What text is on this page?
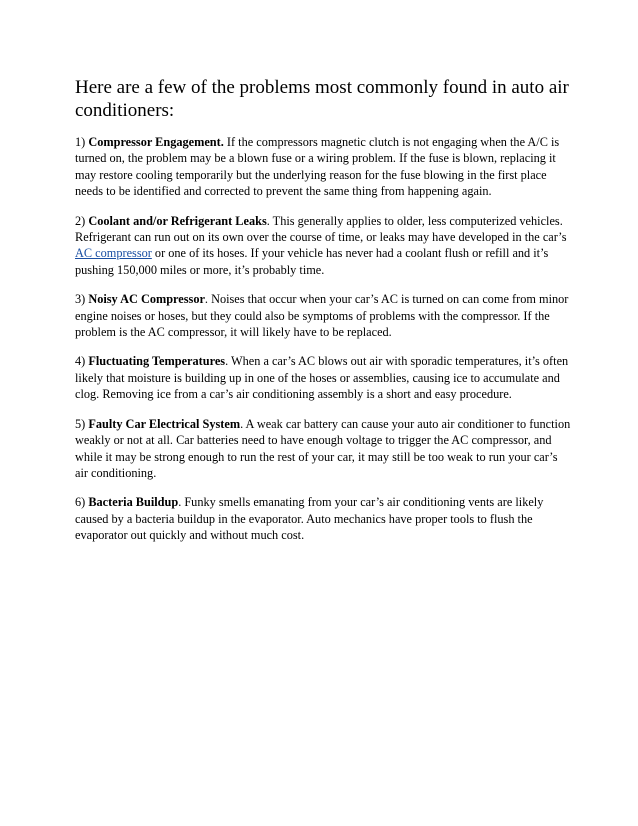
Here are a few of the problems most commonly found in auto air conditioners:

1) Compressor Engagement. If the compressors magnetic clutch is not engaging when the A/C is turned on, the problem may be a blown fuse or a wiring problem. If the fuse is blown, replacing it may restore cooling temporarily but the underlying reason for the fuse blowing in the first place needs to be identified and corrected to prevent the same thing from happening again.

2) Coolant and/or Refrigerant Leaks. This generally applies to older, less computerized vehicles. Refrigerant can run out on its own over the course of time, or leaks may have developed in the car’s AC compressor or one of its hoses. If your vehicle has never had a coolant flush or refill and it’s pushing 150,000 miles or more, it’s probably time.

3) Noisy AC Compressor. Noises that occur when your car’s AC is turned on can come from minor engine noises or hoses, but they could also be symptoms of problems with the compressor. If the problem is the AC compressor, it will likely have to be replaced.

4) Fluctuating Temperatures. When a car’s AC blows out air with sporadic temperatures, it’s often likely that moisture is building up in one of the hoses or assemblies, causing ice to accumulate and clog. Removing ice from a car’s air conditioning assembly is a short and easy procedure.

5) Faulty Car Electrical System. A weak car battery can cause your auto air conditioner to function weakly or not at all. Car batteries need to have enough voltage to trigger the AC compressor, and while it may be strong enough to run the rest of your car, it may still be too weak to run your car’s air conditioning.

6) Bacteria Buildup. Funky smells emanating from your car’s air conditioning vents are likely caused by a bacteria buildup in the evaporator. Auto mechanics have proper tools to flush the evaporator out quickly and without much cost.
